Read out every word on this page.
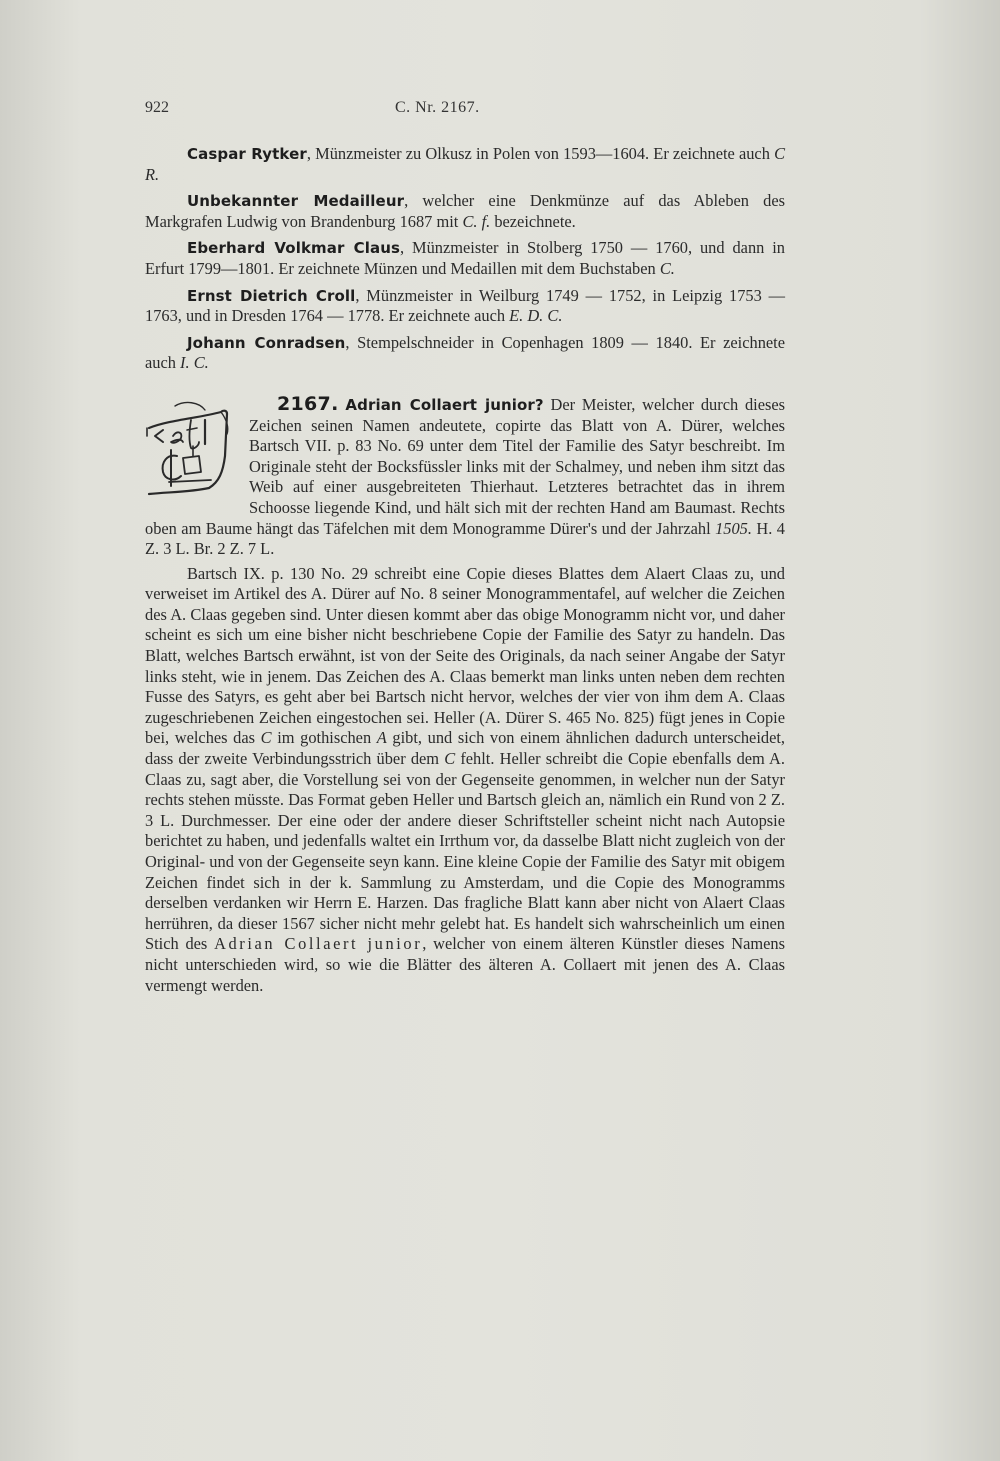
922	C. Nr. 2167.

Caspar Rytker, Münzmeister zu Olkusz in Polen von 1593—1604. Er zeichnete auch C R.

Unbekannter Medailleur, welcher eine Denkmünze auf das Ableben des Markgrafen Ludwig von Brandenburg 1687 mit C. f. bezeichnete.

Eberhard Volkmar Claus, Münzmeister in Stolberg 1750 — 1760, und dann in Erfurt 1799—1801. Er zeichnete Münzen und Medaillen mit dem Buchstaben C.

Ernst Dietrich Croll, Münzmeister in Weilburg 1749 — 1752, in Leipzig 1753 — 1763, und in Dresden 1764 — 1778. Er zeichnete auch E. D. C.

Johann Conradsen, Stempelschneider in Copenhagen 1809 — 1840. Er zeichnete auch I. C.

2167. Adrian Collaert junior?
Der Meister, welcher durch dieses Zeichen seinen Namen andeutete, copirte das Blatt von A. Dürer, welches Bartsch VII. p. 83 No. 69 unter dem Titel der Familie des Satyr beschreibt. Im Originale steht der Bocksfüssler links mit der Schalmey, und neben ihm sitzt das Weib auf einer ausgebreiteten Thierhaut. Letzteres betrachtet das in ihrem Schoosse liegende Kind, und hält sich mit der rechten Hand am Baumast. Rechts oben am Baume hängt das Täfelchen mit dem Monogramme Dürer's und der Jahrzahl 1505. H. 4 Z. 3 L. Br. 2 Z. 7 L.

Bartsch IX. p. 130 No. 29 schreibt eine Copie dieses Blattes dem Alaert Claas zu, und verweiset im Artikel des A. Dürer auf No. 8 seiner Monogrammentafel, auf welcher die Zeichen des A. Claas gegeben sind. Unter diesen kommt aber das obige Monogramm nicht vor, und daher scheint es sich um eine bisher nicht beschriebene Copie der Familie des Satyr zu handeln. Das Blatt, welches Bartsch erwähnt, ist von der Seite des Originals, da nach seiner Angabe der Satyr links steht, wie in jenem. Das Zeichen des A. Claas bemerkt man links unten neben dem rechten Fusse des Satyrs, es geht aber bei Bartsch nicht hervor, welches der vier von ihm dem A. Claas zugeschriebenen Zeichen eingestochen sei. Heller (A. Dürer S. 465 No. 825) fügt jenes in Copie bei, welches das C im gothischen A gibt, und sich von einem ähnlichen dadurch unterscheidet, dass der zweite Verbindungsstrich über dem C fehlt. Heller schreibt die Copie ebenfalls dem A. Claas zu, sagt aber, die Vorstellung sei von der Gegenseite genommen, in welcher nun der Satyr rechts stehen müsste. Das Format geben Heller und Bartsch gleich an, nämlich ein Rund von 2 Z. 3 L. Durchmesser. Der eine oder der andere dieser Schriftsteller scheint nicht nach Autopsie berichtet zu haben, und jedenfalls waltet ein Irrthum vor, da dasselbe Blatt nicht zugleich von der Original- und von der Gegenseite seyn kann. Eine kleine Copie der Familie des Satyr mit obigem Zeichen findet sich in der k. Sammlung zu Amsterdam, und die Copie des Monogramms derselben verdanken wir Herrn E. Harzen. Das fragliche Blatt kann aber nicht von Alaert Claas herrühren, da dieser 1567 sicher nicht mehr gelebt hat. Es handelt sich wahrscheinlich um einen Stich des Adrian Collaert junior, welcher von einem älteren Künstler dieses Namens nicht unterschieden wird, so wie die Blätter des älteren A. Collaert mit jenen des A. Claas vermengt werden.
